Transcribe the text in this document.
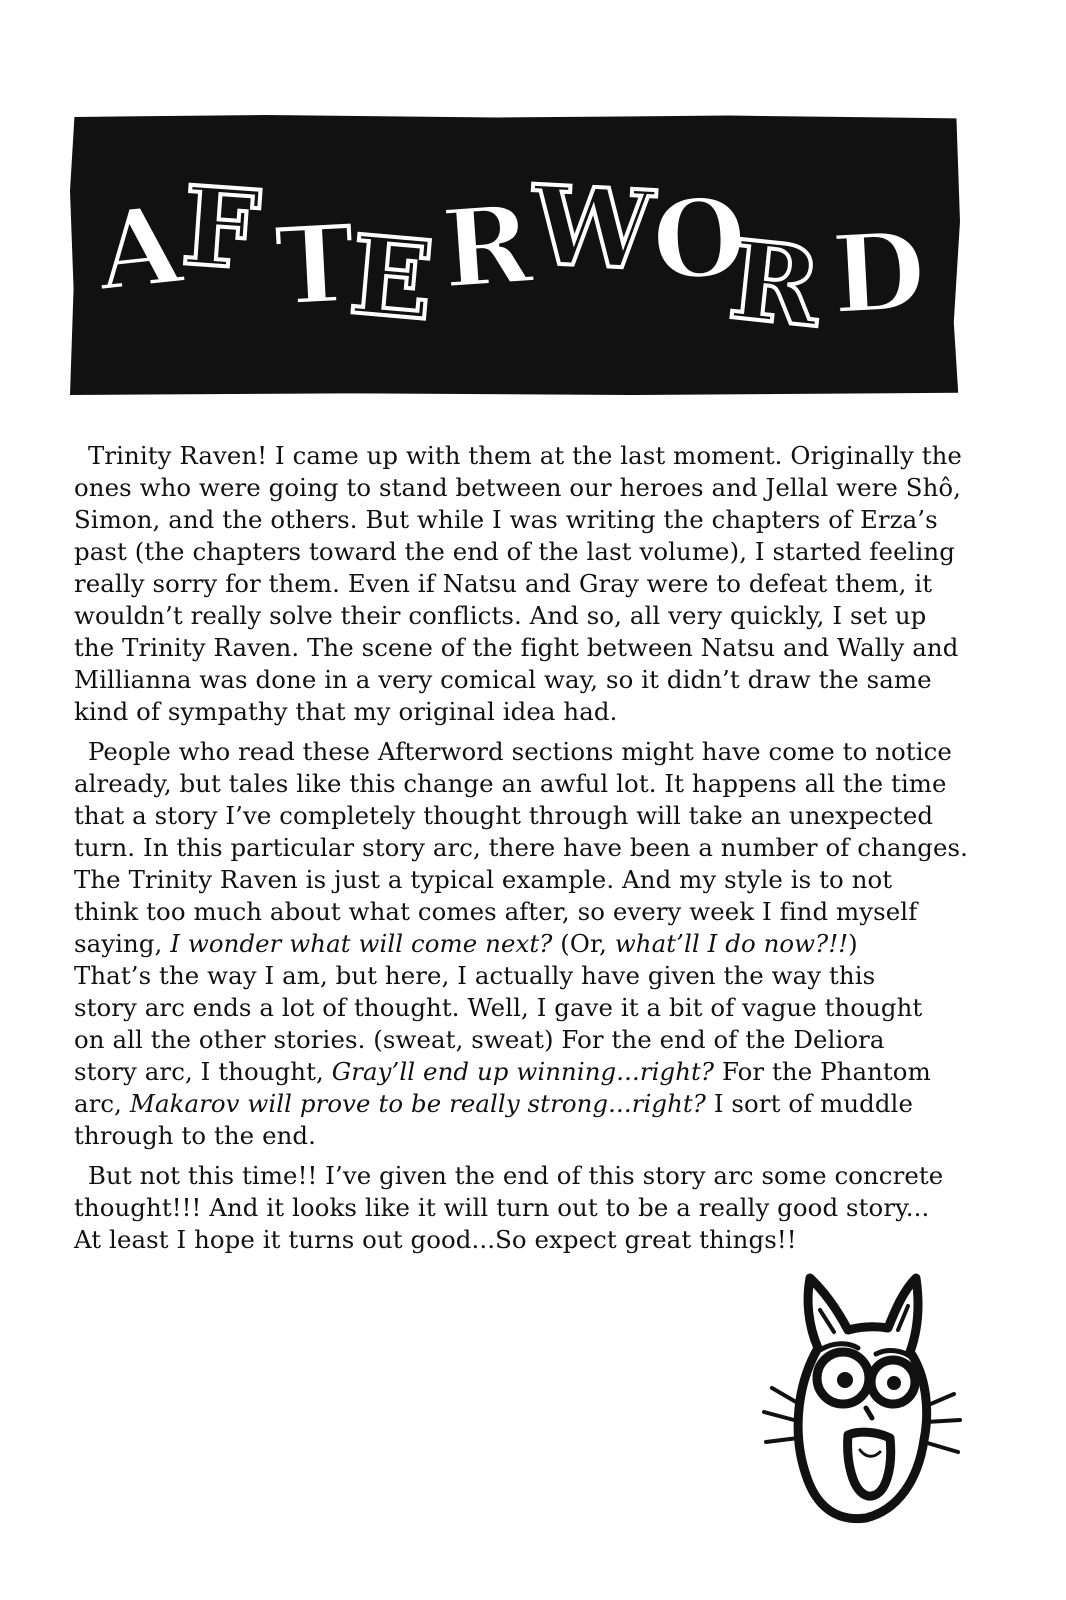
A
F T
E R
W
O
R D

Trinity Raven! I came up with them at the last moment. Originally the
ones who were going to stand between our heroes and Jellal were Shô,
Simon, and the others. But while I was writing the chapters of Erza’s
past (the chapters toward the end of the last volume), I started feeling
really sorry for them. Even if Natsu and Gray were to defeat them, it
wouldn’t really solve their conflicts. And so, all very quickly, I set up
the Trinity Raven. The scene of the fight between Natsu and Wally and
Millianna was done in a very comical way, so it didn’t draw the same
kind of sympathy that my original idea had.

People who read these Afterword sections might have come to notice
already, but tales like this change an awful lot. It happens all the time
that a story I’ve completely thought through will take an unexpected
turn. In this particular story arc, there have been a number of changes.
The Trinity Raven is just a typical example. And my style is to not
think too much about what comes after, so every week I find myself
saying, I wonder what will come next? (Or, what’ll I do now?!!)
That’s the way I am, but here, I actually have given the way this
story arc ends a lot of thought. Well, I gave it a bit of vague thought
on all the other stories. (sweat, sweat) For the end of the Deliora
story arc, I thought, Gray’ll end up winning...right? For the Phantom
arc, Makarov will prove to be really strong...right? I sort of muddle
through to the end.

But not this time!! I’ve given the end of this story arc some concrete
thought!!! And it looks like it will turn out to be a really good story...
At least I hope it turns out good...So expect great things!!
